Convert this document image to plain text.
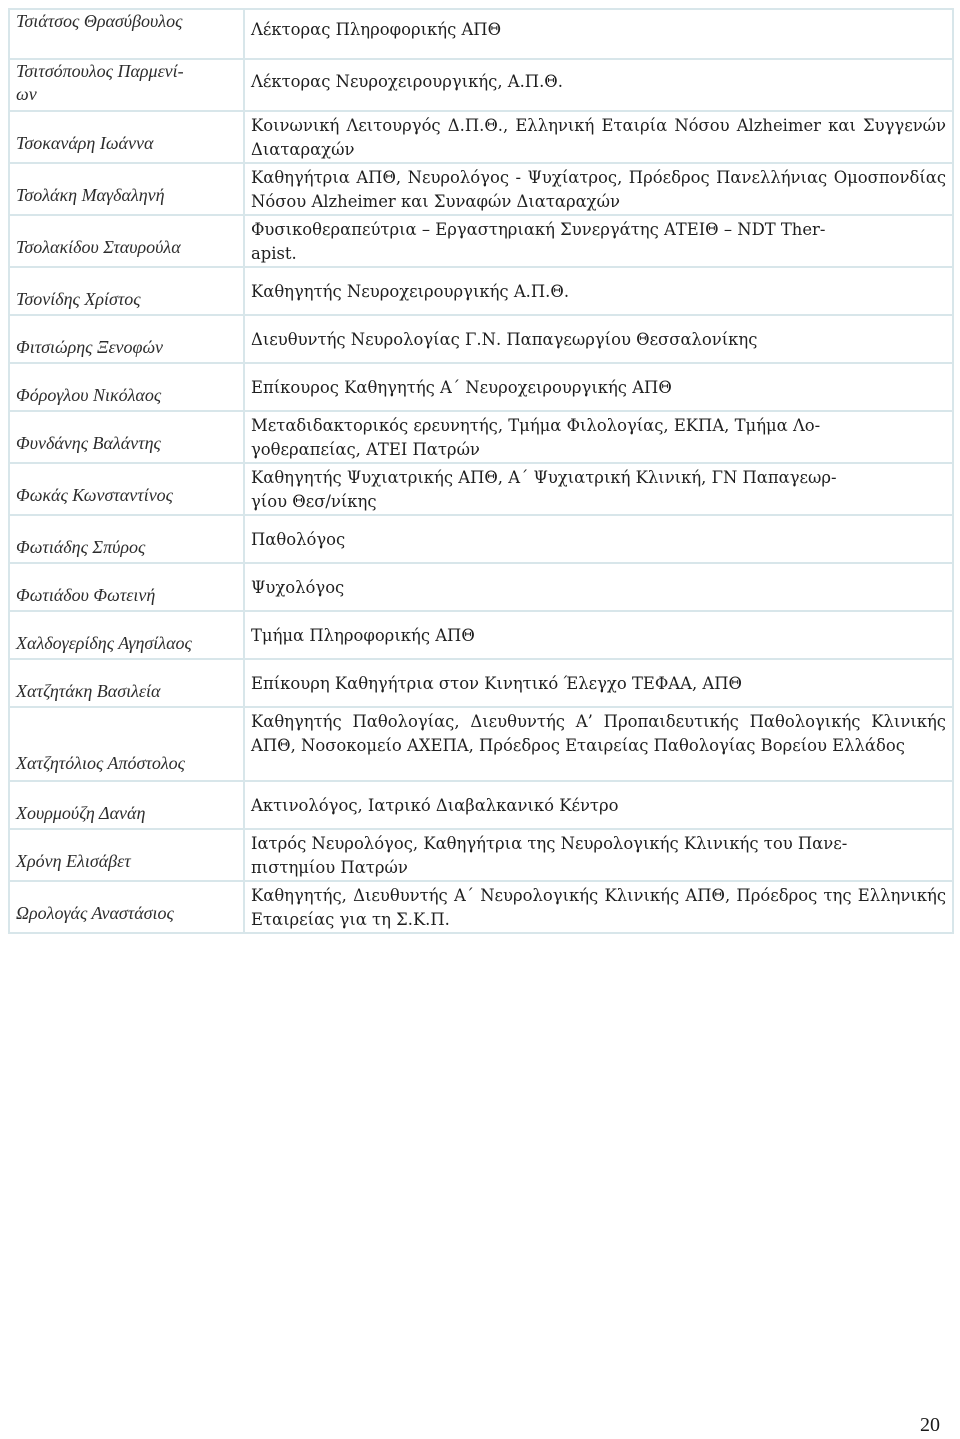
Τσιάτσος Θρασύβουλος	Λέκτορας Πληροφορικής ΑΠΘ

Τσιτσόπουλος Παρμενί-
ων	Λέκτορας Νευροχειρουργικής, Α.Π.Θ.
Τσοκανάρη Ιωάννα	Κοινωνική Λειτουργός Δ.Π.Θ., Ελληνική Εταιρία Νόσου Alzheimer και Συγγενών Διαταραχών
Τσολάκη Μαγδαληνή	Καθηγήτρια ΑΠΘ, Νευρολόγος - Ψυχίατρος, Πρόεδρος Πανελλήνιας Ομοσπονδίας Νόσου Alzheimer και Συναφών Διαταραχών
Τσολακίδου Σταυρούλα	Φυσικοθεραπεύτρια – Εργαστηριακή Συνεργάτης ΑΤΕΙΘ – NDT Ther-
apist.

Τσονίδης Χρίστος	Καθηγητής Νευροχειρουργικής Α.Π.Θ.
Φιτσιώρης Ξενοφών	Διευθυντής Νευρολογίας Γ.Ν. Παπαγεωργίου Θεσσαλονίκης
Φόρογλου Νικόλαος	Επίκουρος Καθηγητής Α΄ Νευροχειρουργικής ΑΠΘ
Φυνδάνης Βαλάντης	Μεταδιδακτορικός ερευνητής, Τμήμα Φιλολογίας, ΕΚΠΑ, Τμήμα Λο-
γοθεραπείας, ΑΤΕΙ Πατρών

Φωκάς Κωνσταντίνος	Καθηγητής Ψυχιατρικής ΑΠΘ, Α΄ Ψυχιατρική Κλινική, ΓΝ Παπαγεωρ-
γίου Θεσ/νίκης

Φωτιάδης Σπύρος	Παθολόγος
Φωτιάδου Φωτεινή	Ψυχολόγος
Χαλδογερίδης Αγησίλαος	Τμήμα Πληροφορικής ΑΠΘ
Χατζητάκη Βασιλεία	Επίκουρη Καθηγήτρια στον Κινητικό Έλεγχο ΤΕΦΑΑ, ΑΠΘ
Χατζητόλιος Απόστολος	Καθηγητής Παθολογίας, Διευθυντής Α’ Προπαιδευτικής Παθολογικής Κλινικής ΑΠΘ, Νοσοκομείο ΑΧΕΠΑ, Πρόεδρος Εταιρείας Παθολογίας Βορείου Ελλάδος
Χουρμούζη Δανάη	Ακτινολόγος, Ιατρικό Διαβαλκανικό Κέντρο
Χρόνη Ελισάβετ	Ιατρός Νευρολόγος, Καθηγήτρια της Νευρολογικής Κλινικής του Πανε-
πιστημίου Πατρών

Ωρολογάς Αναστάσιος	Καθηγητής, Διευθυντής Α΄ Νευρολογικής Κλινικής ΑΠΘ, Πρόεδρος της Ελληνικής Εταιρείας για τη Σ.Κ.Π.
20
